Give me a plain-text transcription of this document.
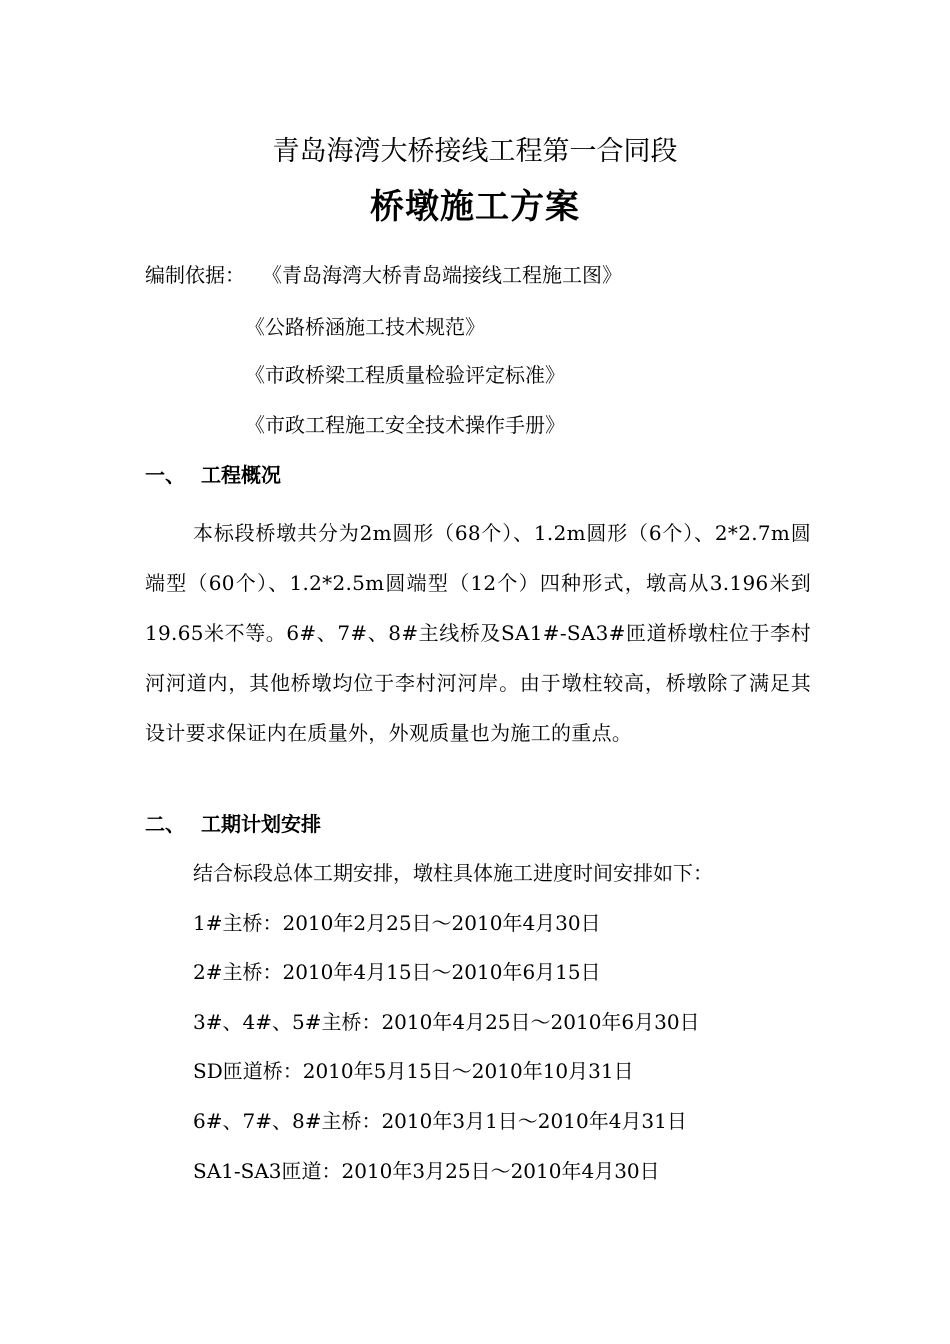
青岛海湾大桥接线工程第一合同段
桥墩施工方案
编制依据： 《青岛海湾大桥青岛端接线工程施工图》
《公路桥涵施工技术规范》
《市政桥梁工程质量检验评定标准》
《市政工程施工安全技术操作手册》
一、 工程概况
本标段桥墩共分为2m圆形（68个）、1.2m圆形（6个）、2*2.7m圆端型（60个）、1.2*2.5m圆端型（12个）四种形式，墩高从3.196米到19.65米不等。6#、7#、8#主线桥及SA1#-SA3#匝道桥墩柱位于李村河河道内，其他桥墩均位于李村河河岸。由于墩柱较高，桥墩除了满足其设计要求保证内在质量外，外观质量也为施工的重点。
二、 工期计划安排
结合标段总体工期安排，墩柱具体施工进度时间安排如下：
1#主桥：2010年2月25日～2010年4月30日
2#主桥：2010年4月15日～2010年6月15日
3#、4#、5#主桥：2010年4月25日～2010年6月30日
SD匝道桥：2010年5月15日～2010年10月31日
6#、7#、8#主桥：2010年3月1日～2010年4月31日
SA1-SA3匝道：2010年3月25日～2010年4月30日
